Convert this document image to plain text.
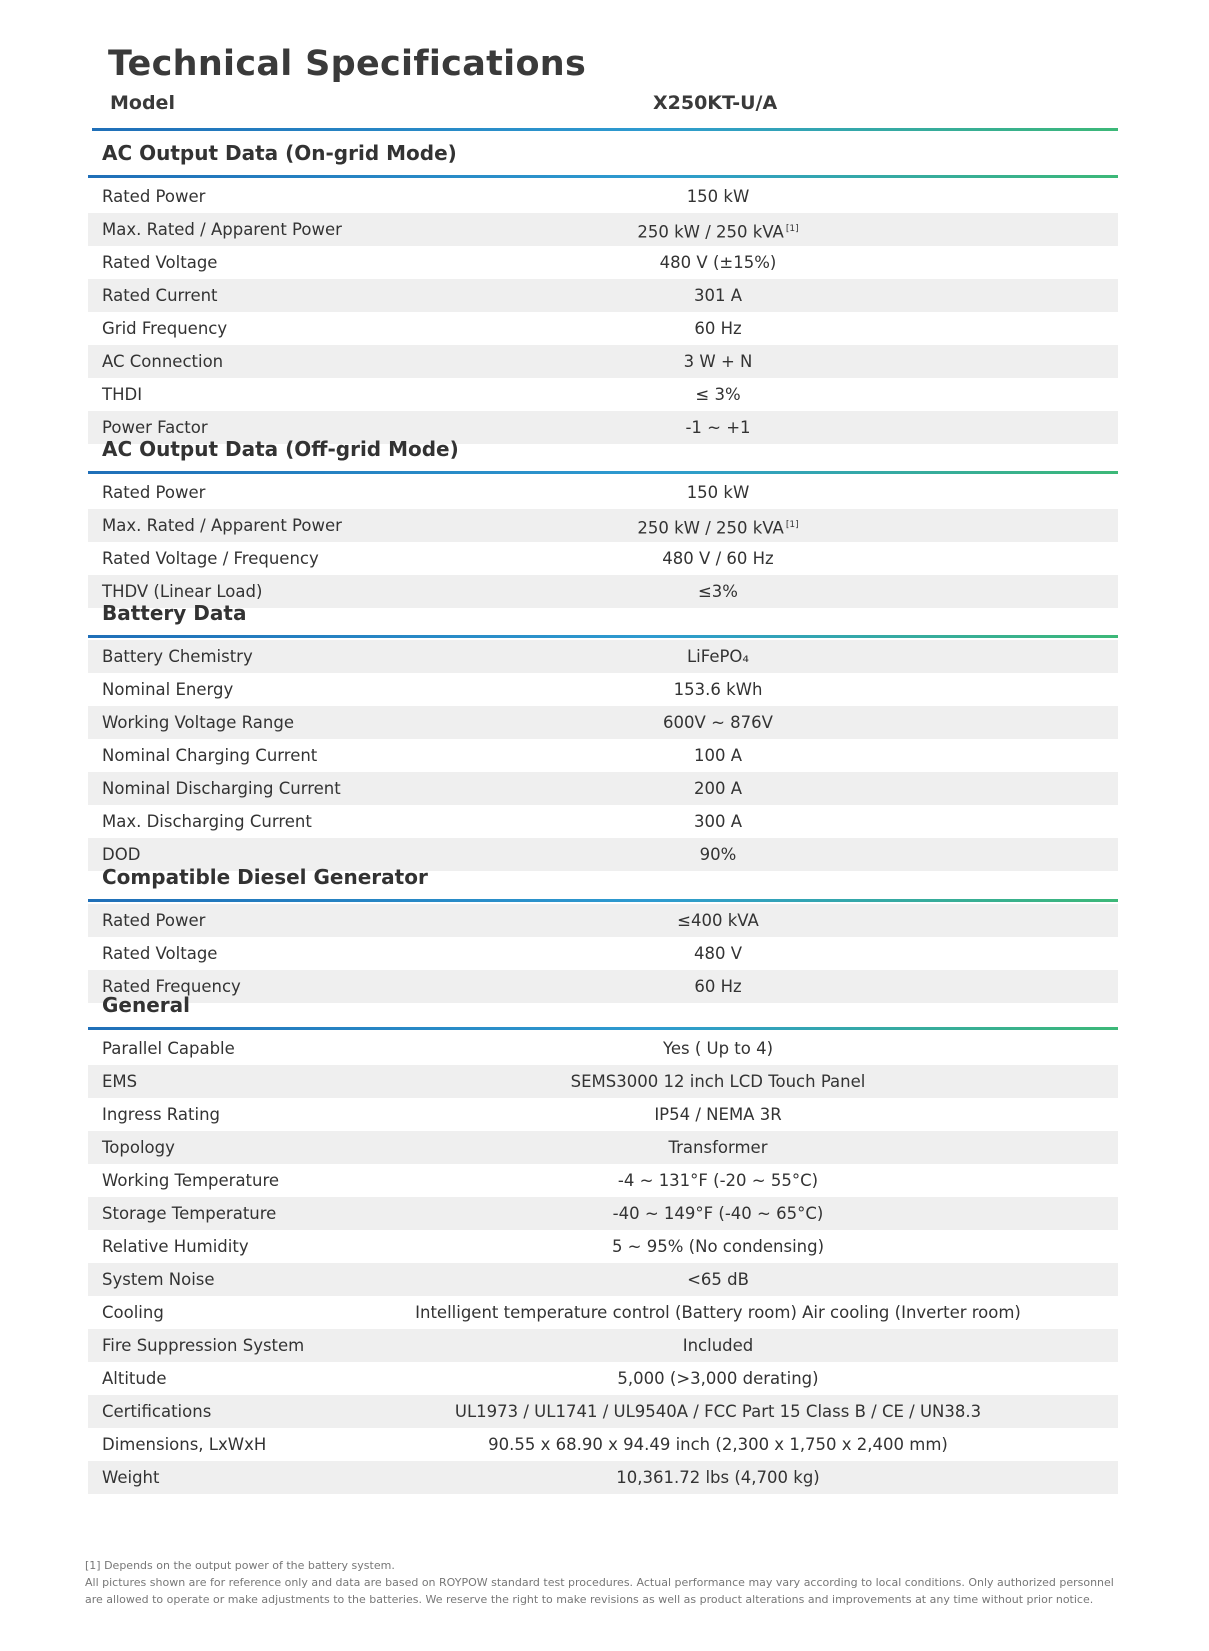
Technical Specifications
Model	X250KT-U/A
AC Output Data (On-grid Mode)
Rated Power	150 kW
Max. Rated / Apparent Power	250 kW / 250 kVA [1]
Rated Voltage	480 V (±15%)
Rated Current	301 A
Grid Frequency	60 Hz
AC Connection	3 W + N
THDI	≤ 3%
Power Factor	-1 ~ +1
AC Output Data (Off-grid Mode)
Rated Power	150 kW
Max. Rated / Apparent Power	250 kW / 250 kVA [1]
Rated Voltage / Frequency	480 V / 60 Hz
THDV (Linear Load)	≤3%
Battery Data
Battery Chemistry	LiFePO₄
Nominal Energy	153.6 kWh
Working Voltage Range	600V ~ 876V
Nominal Charging Current	100 A
Nominal Discharging Current	200 A
Max. Discharging Current	300 A
DOD	90%
Compatible Diesel Generator
Rated Power	≤400 kVA
Rated Voltage	480 V
Rated Frequency	60 Hz
General
Parallel Capable	Yes ( Up to 4)
EMS	SEMS3000 12 inch LCD Touch Panel
Ingress Rating	IP54 / NEMA 3R
Topology	Transformer
Working Temperature	-4 ~ 131°F (-20 ~ 55°C)
Storage Temperature	-40 ~ 149°F (-40 ~ 65°C)
Relative Humidity	5 ~ 95% (No condensing)
System Noise	<65 dB
Cooling	Intelligent temperature control (Battery room) Air cooling (Inverter room)
Fire Suppression System	Included
Altitude	5,000 (>3,000 derating)
Certifications	UL1973 / UL1741 / UL9540A / FCC Part 15 Class B / CE / UN38.3
Dimensions, LxWxH	90.55 x 68.90 x 94.49 inch (2,300 x 1,750 x 2,400 mm)
Weight	10,361.72 lbs (4,700 kg)

[1] Depends on the output power of the battery system.

All pictures shown are for reference only and data are based on ROYPOW standard test procedures. Actual performance may vary according to local conditions. Only authorized personnel are allowed to operate or make adjustments to the batteries. We reserve the right to make revisions as well as product alterations and improvements at any time without prior notice.
